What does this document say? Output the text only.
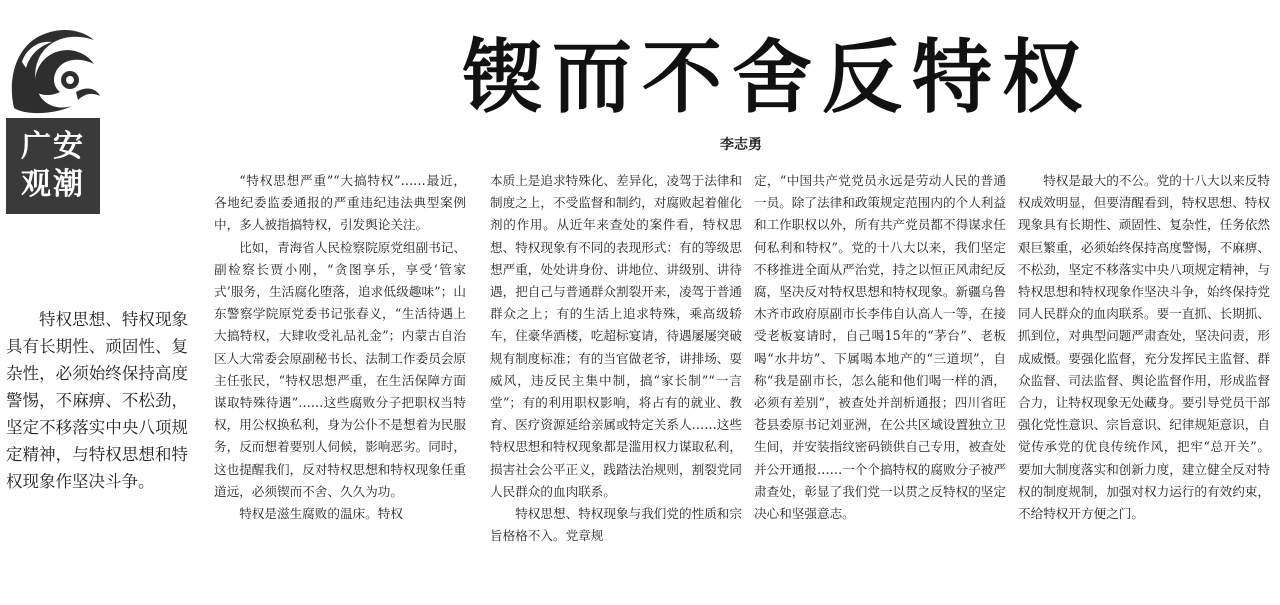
广安
观潮
锲而不舍反特权
李志勇

特权思想、特权现象具有长期性、顽固性、复杂性，必须始终保持高度警惕，不麻痹、不松劲，坚定不移落实中央八项规定精神，与特权思想和特权现象作坚决斗争。

“特权思想严重”“大搞特权”……最近，各地纪委监委通报的严重违纪违法典型案例中，多人被指搞特权，引发舆论关注。

比如，青海省人民检察院原党组副书记、副检察长贾小刚，“贪图享乐，享受‘管家式’服务，生活腐化堕落，追求低级趣味”；山东警察学院原党委书记张春义，“生活待遇上大搞特权，大肆收受礼品礼金”；内蒙古自治区人大常委会原副秘书长、法制工作委员会原主任张民，“特权思想严重，在生活保障方面谋取特殊待遇”……这些腐败分子把职权当特权，用公权换私利，身为公仆不是想着为民服务，反而想着要别人伺候，影响恶劣。同时，这也提醒我们，反对特权思想和特权现象任重道远，必须锲而不舍、久久为功。

特权是滋生腐败的温床。特权

本质上是追求特殊化、差异化，凌驾于法律和制度之上，不受监督和制约，对腐败起着催化剂的作用。从近年来查处的案件看，特权思想、特权现象有不同的表现形式：有的等级思想严重，处处讲身份、讲地位、讲级别、讲待遇，把自己与普通群众割裂开来，凌驾于普通群众之上；有的生活上追求特殊，乘高级轿车，住豪华酒楼，吃超标宴请，待遇屡屡突破规有制度标准；有的当官做老爷，讲排场、耍威风，违反民主集中制，搞“家长制”“一言堂”；有的利用职权影响，将占有的就业、教育、医疗资源延给亲属或特定关系人……这些特权思想和特权现象都是滥用权力谋取私利，损害社会公平正义，践踏法治规则，割裂党同人民群众的血肉联系。

特权思想、特权现象与我们党的性质和宗旨格格不入。党章规

定，“中国共产党党员永远是劳动人民的普通一员。除了法律和政策规定范围内的个人利益和工作职权以外，所有共产党员都不得谋求任何私利和特权”。党的十八大以来，我们坚定不移推进全面从严治党，持之以恒正风肃纪反腐，坚决反对特权思想和特权现象。新疆乌鲁木齐市政府原副市长李伟自认高人一等，在接受老板宴请时，自己喝15年的“茅台”、老板喝“水井坊”、下属喝本地产的“三道坝”，自称“我是副市长，怎么能和他们喝一样的酒，必须有差别”，被查处并剖析通报；四川省旺苍县委原书记刘亚洲，在公共区域设置独立卫生间，并安装指纹密码锁供自己专用，被查处并公开通报……一个个搞特权的腐败分子被严肃查处，彰显了我们党一以贯之反特权的坚定决心和坚强意志。

特权是最大的不公。党的十八大以来反特权成效明显，但要清醒看到，特权思想、特权现象具有长期性、顽固性、复杂性，任务依然艰巨繁重，必须始终保持高度警惕，不麻痹、不松劲，坚定不移落实中央八项规定精神，与特权思想和特权现象作坚决斗争，始终保持党同人民群众的血肉联系。要一直抓、长期抓、抓到位，对典型问题严肃查处，坚决问责，形成威慑。要强化监督，充分发挥民主监督、群众监督、司法监督、舆论监督作用，形成监督合力，让特权现象无处藏身。要引导党员干部强化党性意识、宗旨意识、纪律规矩意识，自觉传承党的优良传统作风，把牢“总开关”。要加大制度落实和创新力度，建立健全反对特权的制度规制，加强对权力运行的有效约束，不给特权开方便之门。
